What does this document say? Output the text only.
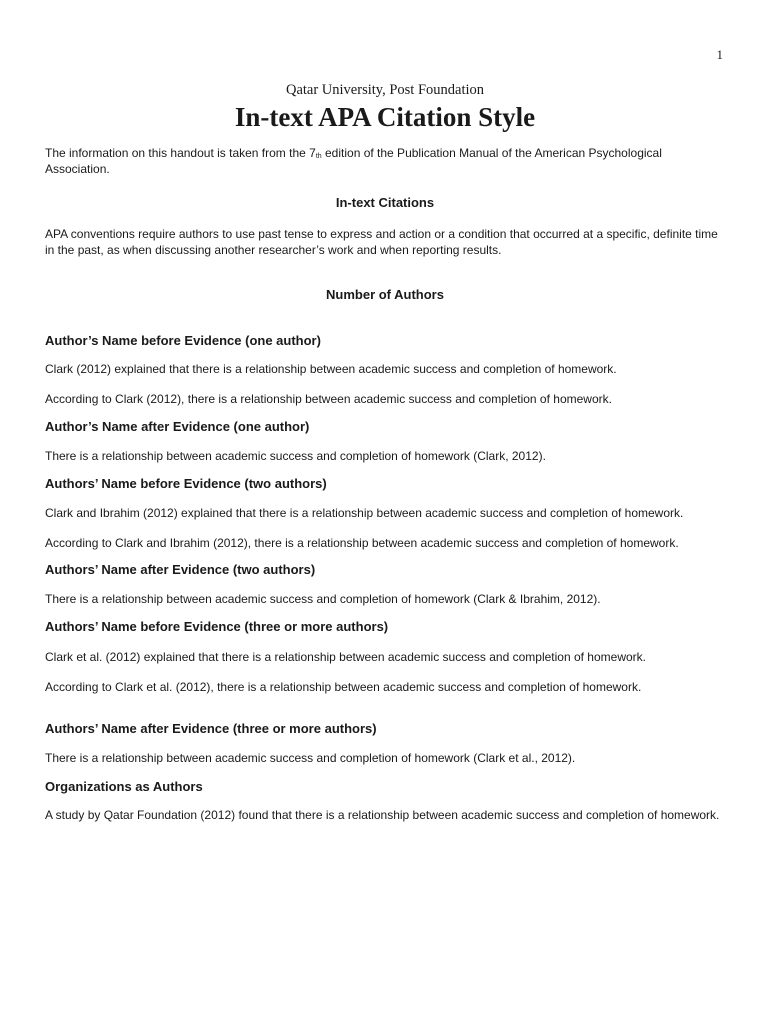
1

Qatar University, Post Foundation

In-text APA Citation Style

The information on this handout is taken from the $7_{th}$ edition of the Publication Manual of the American Psychological Association.

In-text Citations

APA conventions require authors to use past tense to express and action or a condition that occurred at a specific, definite time in the past, as when discussing another researcher’s work and when reporting results.

Number of Authors
Author’s Name before Evidence (one author)

Clark (2012) explained that there is a relationship between academic success and completion of homework.

According to Clark (2012), there is a relationship between academic success and completion of homework.

Author’s Name after Evidence (one author)

There is a relationship between academic success and completion of homework (Clark, 2012).

Authors’ Name before Evidence (two authors)

Clark and Ibrahim (2012) explained that there is a relationship between academic success and completion of homework.

According to Clark and Ibrahim (2012), there is a relationship between academic success and completion of homework.

Authors’ Name after Evidence (two authors)

There is a relationship between academic success and completion of homework (Clark & Ibrahim, 2012).

Authors’ Name before Evidence (three or more authors)

Clark et al. (2012) explained that there is a relationship between academic success and completion of homework.

According to Clark et al. (2012), there is a relationship between academic success and completion of homework.

Authors’ Name after Evidence (three or more authors)

There is a relationship between academic success and completion of homework (Clark et al., 2012).

Organizations as Authors

A study by Qatar Foundation (2012) found that there is a relationship between academic success and completion of homework.
